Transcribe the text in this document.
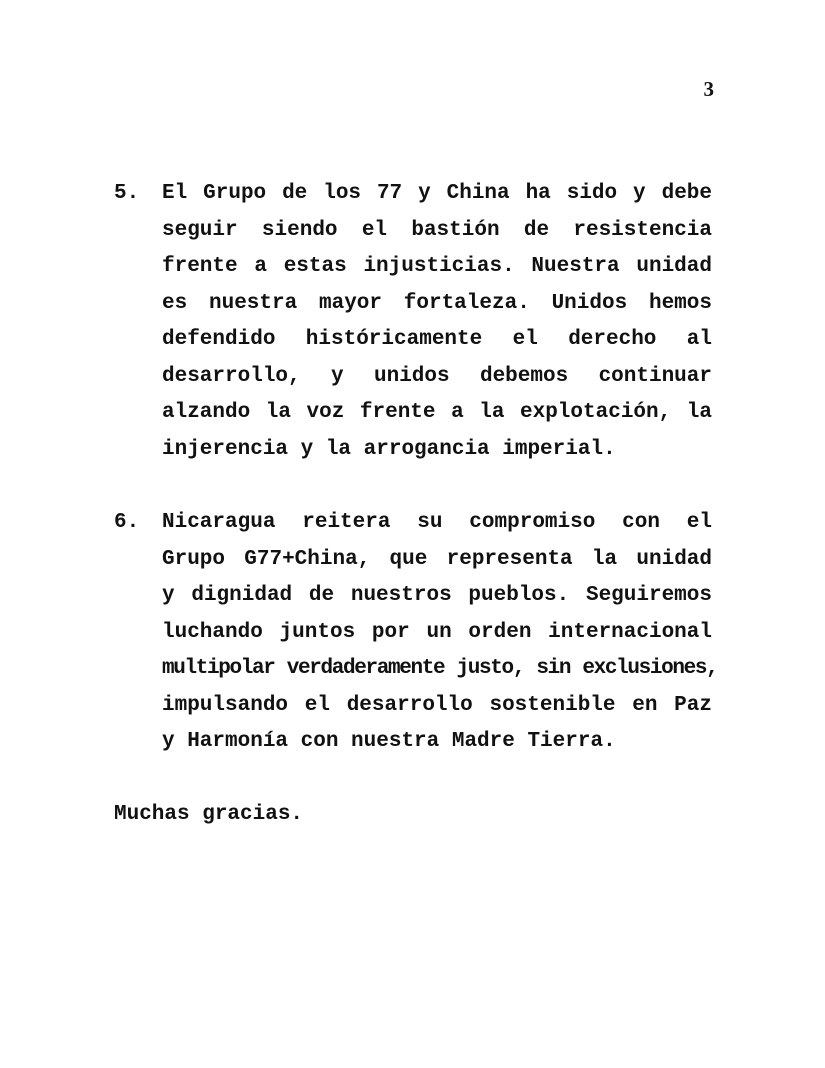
3
5. El Grupo de los 77 y China ha sido y debe
seguir siendo el bastión de resistencia
frente a estas injusticias. Nuestra unidad
es nuestra mayor fortaleza. Unidos hemos
defendido históricamente el derecho al
desarrollo, y unidos debemos continuar
alzando la voz frente a la explotación, la
injerencia y la arrogancia imperial.
6. Nicaragua reitera su compromiso con el
Grupo G77+China, que representa la unidad
y dignidad de nuestros pueblos. Seguiremos
luchando juntos por un orden internacional
multipolar verdaderamente justo, sin exclusiones,
impulsando el desarrollo sostenible en Paz
y Harmonía con nuestra Madre Tierra.
Muchas gracias.
